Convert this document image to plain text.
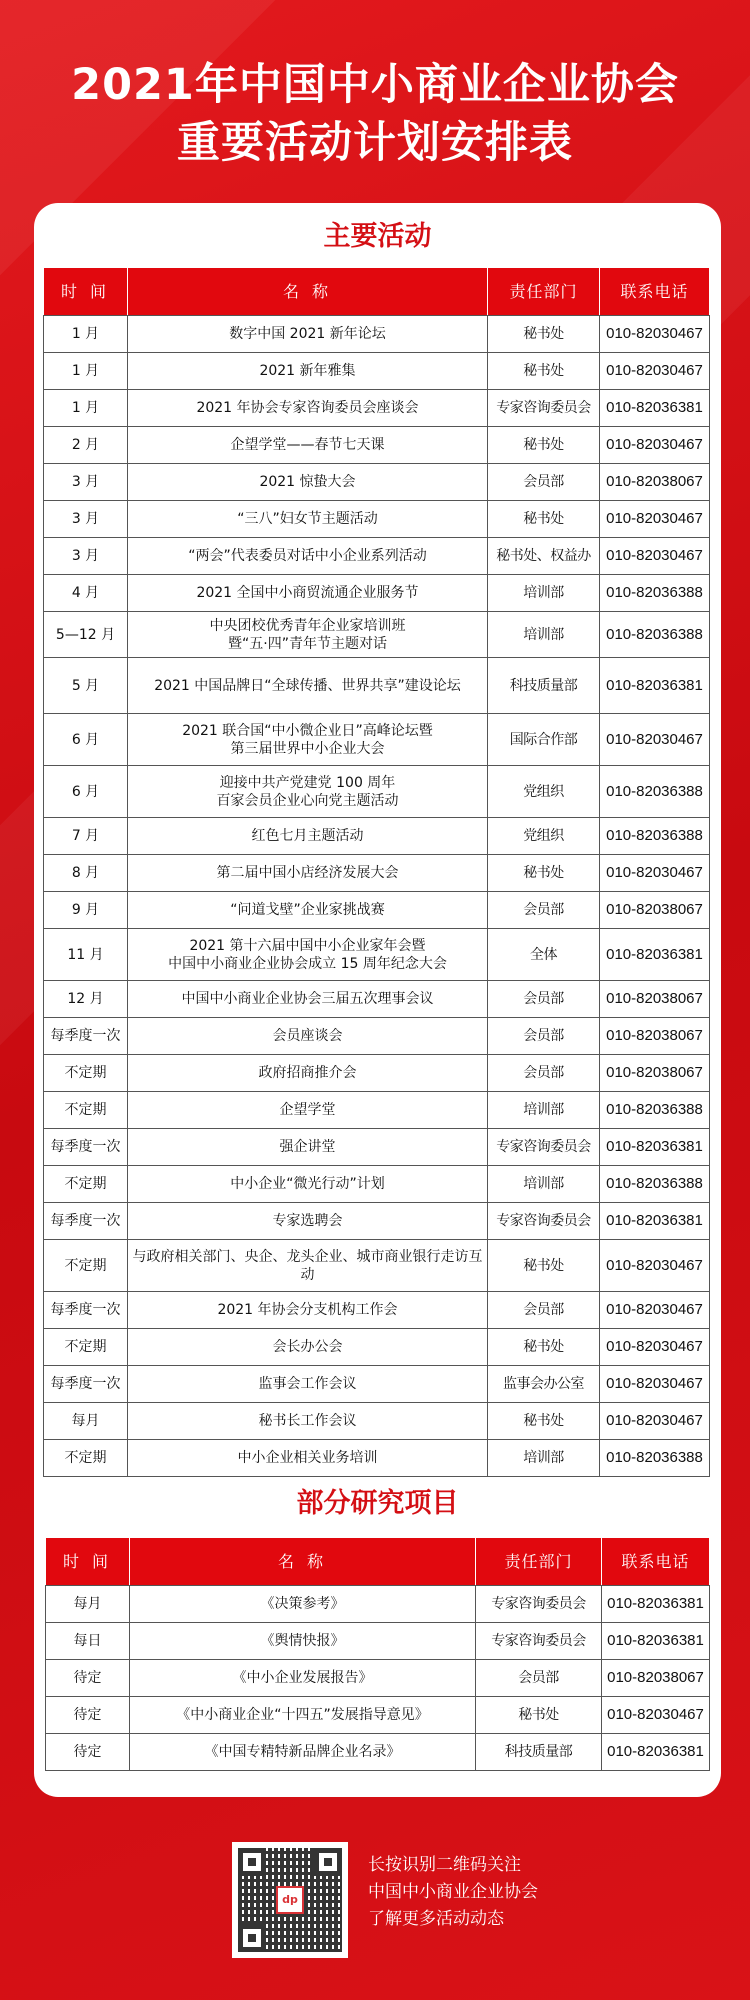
2021年中国中小商业企业协会
重要活动计划安排表
主要活动
时 间	名 称	责任部门	联系电话
1 月	数字中国 2021 新年论坛	秘书处	010-82030467
1 月	2021 新年雅集	秘书处	010-82030467
1 月	2021 年协会专家咨询委员会座谈会	专家咨询委员会	010-82036381
2 月	企望学堂——春节七天课	秘书处	010-82030467
3 月	2021 惊蛰大会	会员部	010-82038067
3 月	“三八”妇女节主题活动	秘书处	010-82030467
3 月	“两会”代表委员对话中小企业系列活动	秘书处、权益办	010-82030467
4 月	2021 全国中小商贸流通企业服务节	培训部	010-82036388
5—12 月	中央团校优秀青年企业家培训班
暨“五·四”青年节主题对话	培训部	010-82036388
5 月	2021 中国品牌日“全球传播、世界共享”建设论坛	科技质量部	010-82036381
6 月	2021 联合国“中小微企业日”高峰论坛暨
第三届世界中小企业大会	国际合作部	010-82030467
6 月	迎接中共产党建党 100 周年
百家会员企业心向党主题活动	党组织	010-82036388
7 月	红色七月主题活动	党组织	010-82036388
8 月	第二届中国小店经济发展大会	秘书处	010-82030467
9 月	“问道戈壁”企业家挑战赛	会员部	010-82038067
11 月	2021 第十六届中国中小企业家年会暨
中国中小商业企业协会成立 15 周年纪念大会	全体	010-82036381
12 月	中国中小商业企业协会三届五次理事会议	会员部	010-82038067
每季度一次	会员座谈会	会员部	010-82038067
不定期	政府招商推介会	会员部	010-82038067
不定期	企望学堂	培训部	010-82036388
每季度一次	强企讲堂	专家咨询委员会	010-82036381
不定期	中小企业“微光行动”计划	培训部	010-82036388
每季度一次	专家选聘会	专家咨询委员会	010-82036381
不定期	与政府相关部门、央企、龙头企业、城市商业银行走访互动	秘书处	010-82030467
每季度一次	2021 年协会分支机构工作会	会员部	010-82030467
不定期	会长办公会	秘书处	010-82030467
每季度一次	监事会工作会议	监事会办公室	010-82030467
每月	秘书长工作会议	秘书处	010-82030467
不定期	中小企业相关业务培训	培训部	010-82036388
部分研究项目
时 间	名 称	责任部门	联系电话
每月	《决策参考》	专家咨询委员会	010-82036381
每日	《舆情快报》	专家咨询委员会	010-82036381
待定	《中小企业发展报告》	会员部	010-82038067
待定	《中小商业企业“十四五”发展指导意见》	秘书处	010-82030467
待定	《中国专精特新品牌企业名录》	科技质量部	010-82036381
dp
长按识别二维码关注
中国中小商业企业协会
了解更多活动动态
